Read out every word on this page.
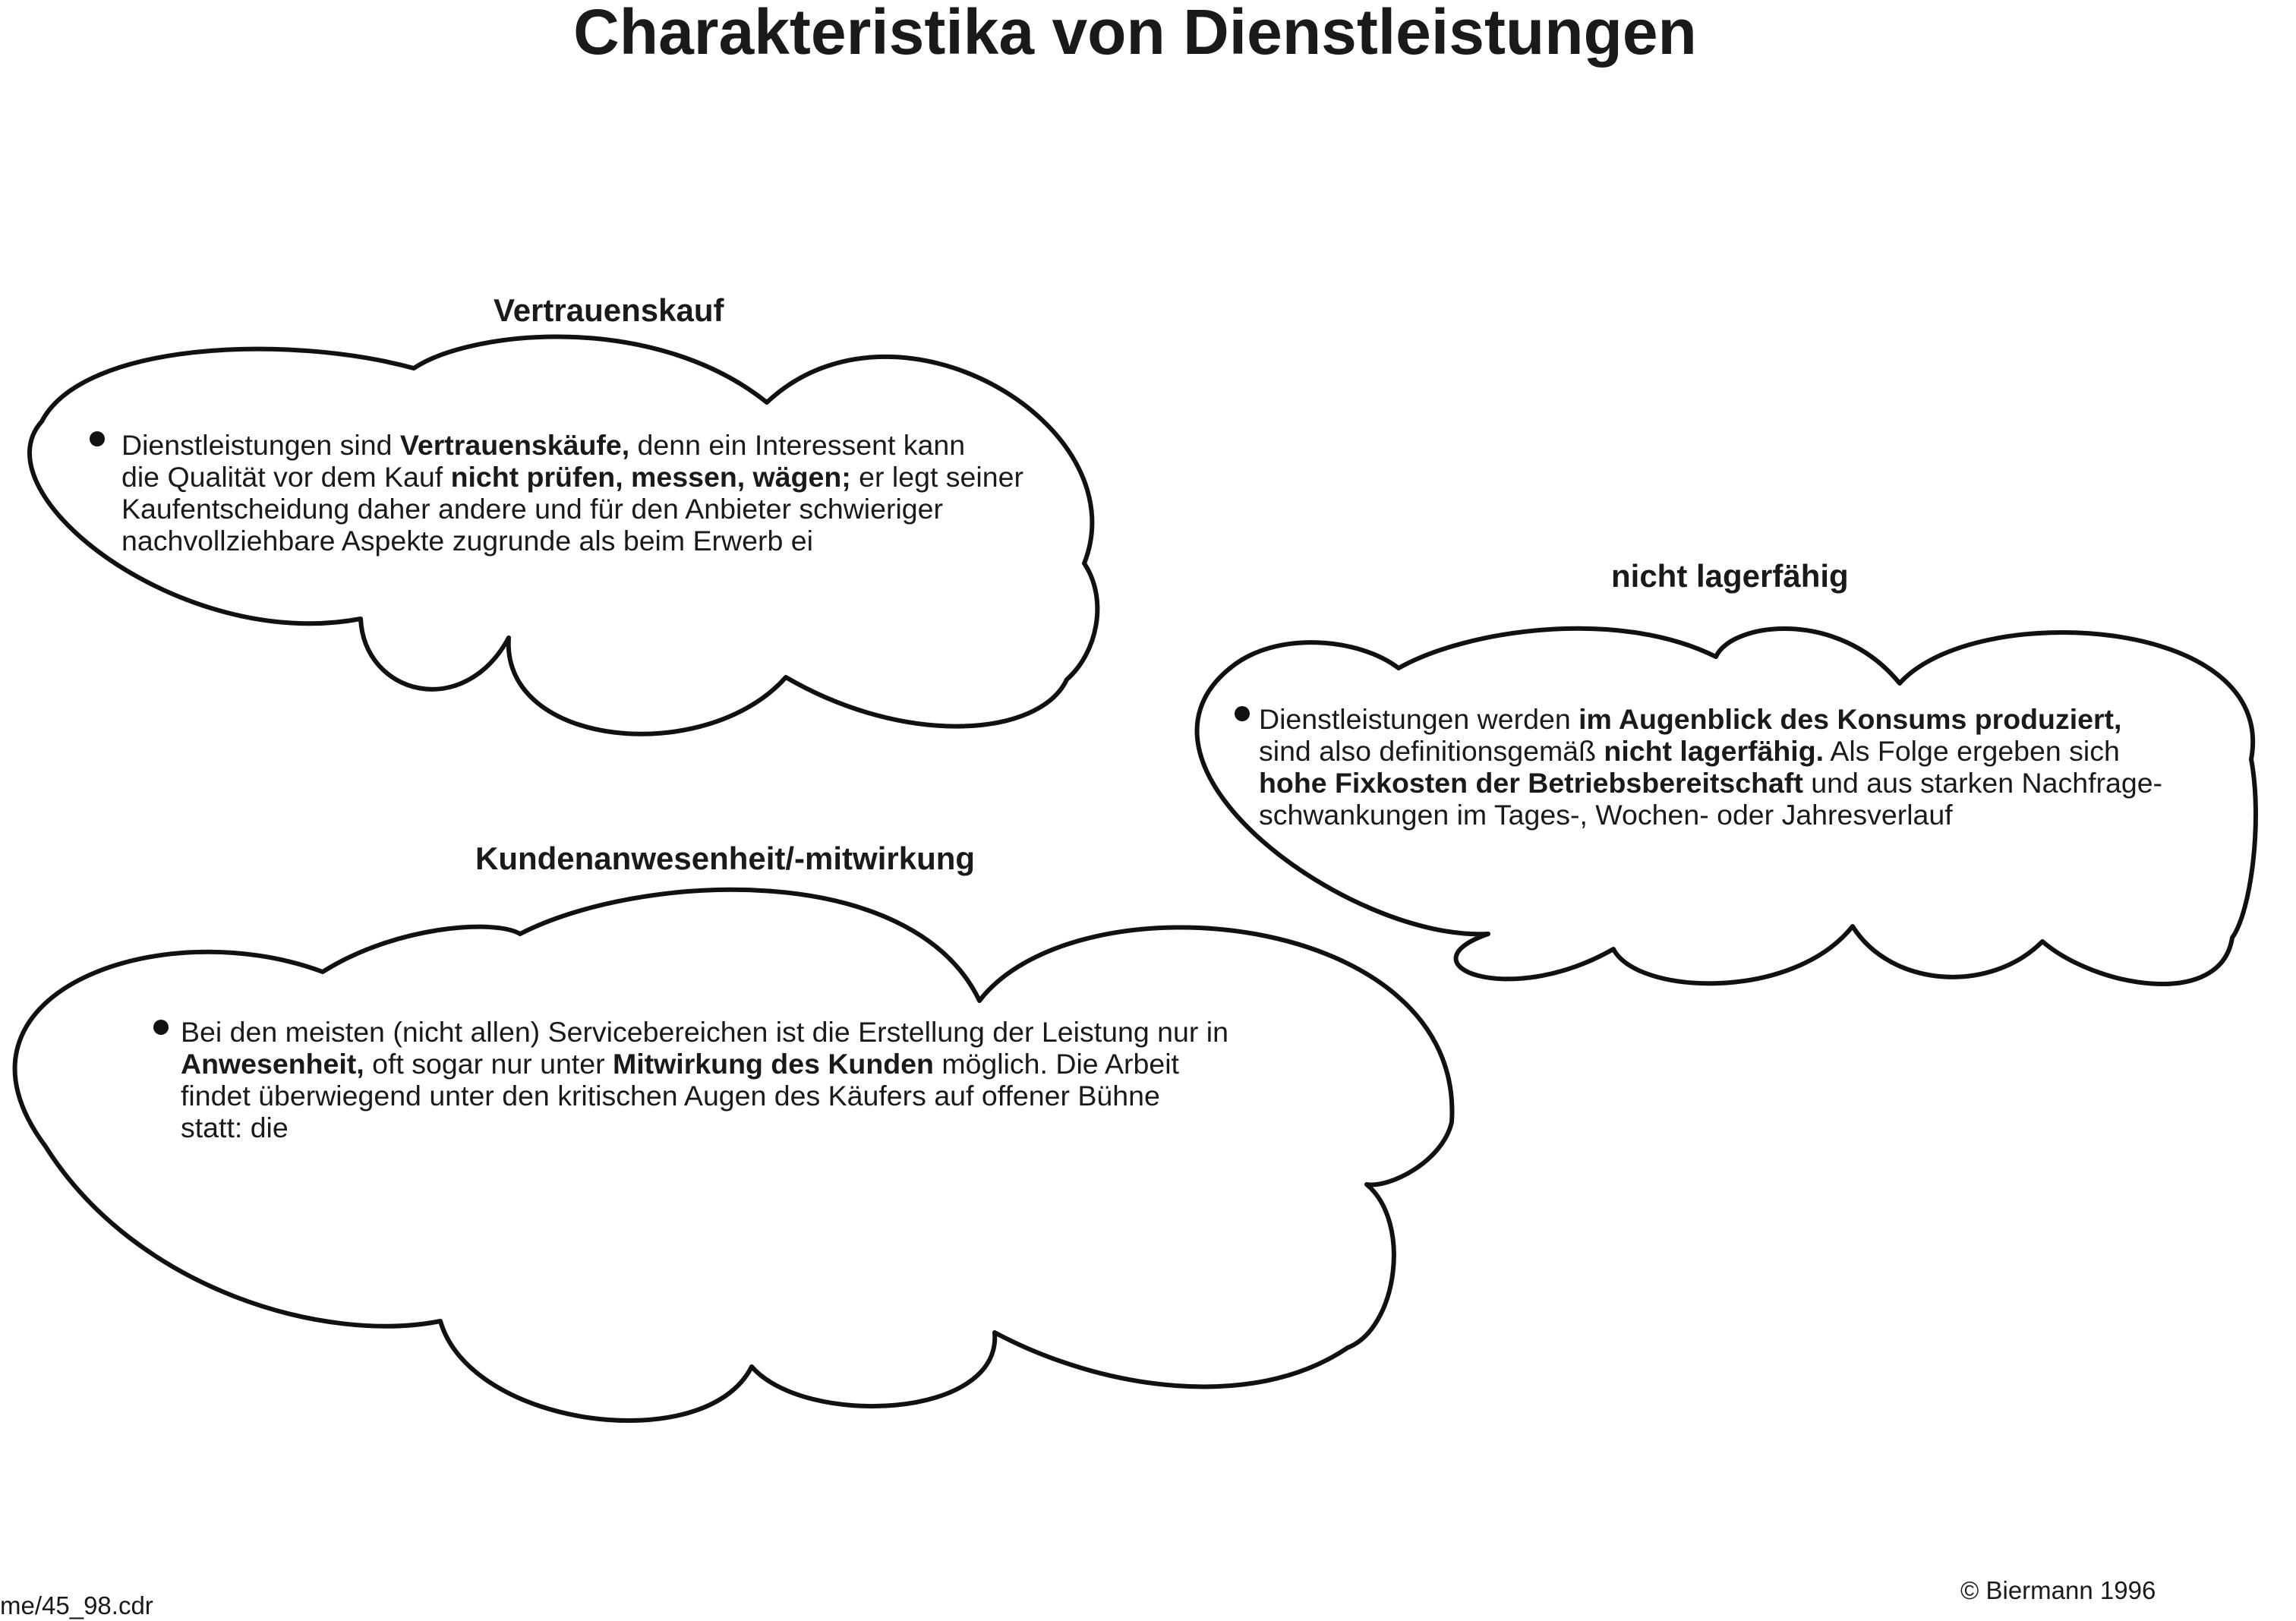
Charakteristika von Dienstleistungen
Vertrauenskauf
Dienstleistungen sind Vertrauenskäufe, denn ein Interessent kann
die Qualität vor dem Kauf nicht prüfen, messen, wägen; er legt seiner
Kaufentscheidung daher andere und für den Anbieter schwieriger
nachvollziehbare Aspekte zugrunde als beim Erwerb ei
nicht lagerfähig
Dienstleistungen werden im Augenblick des Konsums produziert,
sind also definitionsgemäß nicht lagerfähig. Als Folge ergeben sich
hohe Fixkosten der Betriebsbereitschaft und aus starken Nachfrage-
schwankungen im Tages-, Wochen- oder Jahresverlauf
Kundenanwesenheit/-mitwirkung
Bei den meisten (nicht allen) Servicebereichen ist die Erstellung der Leistung nur in
Anwesenheit, oft sogar nur unter Mitwirkung des Kunden möglich. Die Arbeit
findet überwiegend unter den kritischen Augen des Käufers auf offener Bühne
statt: die
me/45_98.cdr
© Biermann 1996
